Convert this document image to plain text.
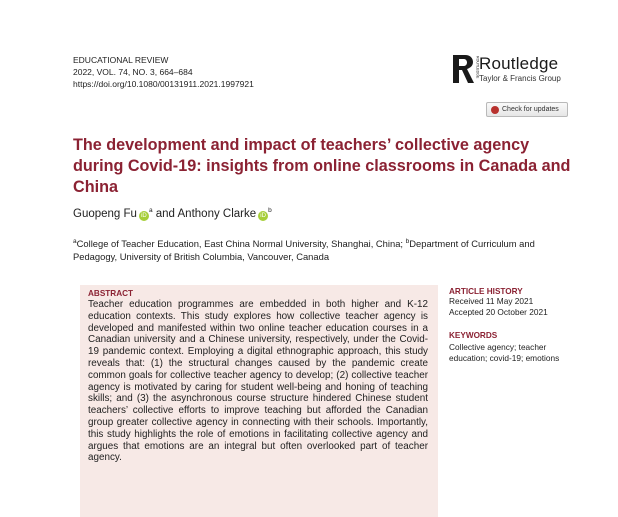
EDUCATIONAL REVIEW
2022, VOL. 74, NO. 3, 664–684
https://doi.org/10.1080/00131911.2021.1997921
ROUTLEDGE Routledge
Taylor & Francis Group
Check for updates
The development and impact of teachers’ collective agency during Covid-19: insights from online classrooms in Canada and China
Guopeng Fu $iD^a$ and Anthony Clarke $iD^b$
$^a$College of Teacher Education, East China Normal University, Shanghai, China; $^b$Department of Curriculum and Pedagogy, University of British Columbia, Vancouver, Canada
ABSTRACT

Teacher education programmes are embedded in both higher and K-12 education contexts. This study explores how collective teacher agency is developed and manifested within two online teacher education courses in a Canadian university and a Chinese university, respectively, under the Covid-19 pandemic context. Employing a digital ethnographic approach, this study reveals that: (1) the structural changes caused by the pandemic create common goals for collective teacher agency to develop; (2) collective teacher agency is motivated by caring for student well-being and honing of teaching skills; and (3) the asynchronous course structure hindered Chinese student teachers’ collective efforts to improve teaching but afforded the Canadian group greater collective agency in connecting with their schools. Importantly, this study highlights the role of emotions in facilitating collective agency and argues that emotions are an integral but often overlooked part of teacher agency.

ARTICLE HISTORY
Received 11 May 2021
Accepted 20 October 2021
KEYWORDS
Collective agency; teacher education; covid-19; emotions
